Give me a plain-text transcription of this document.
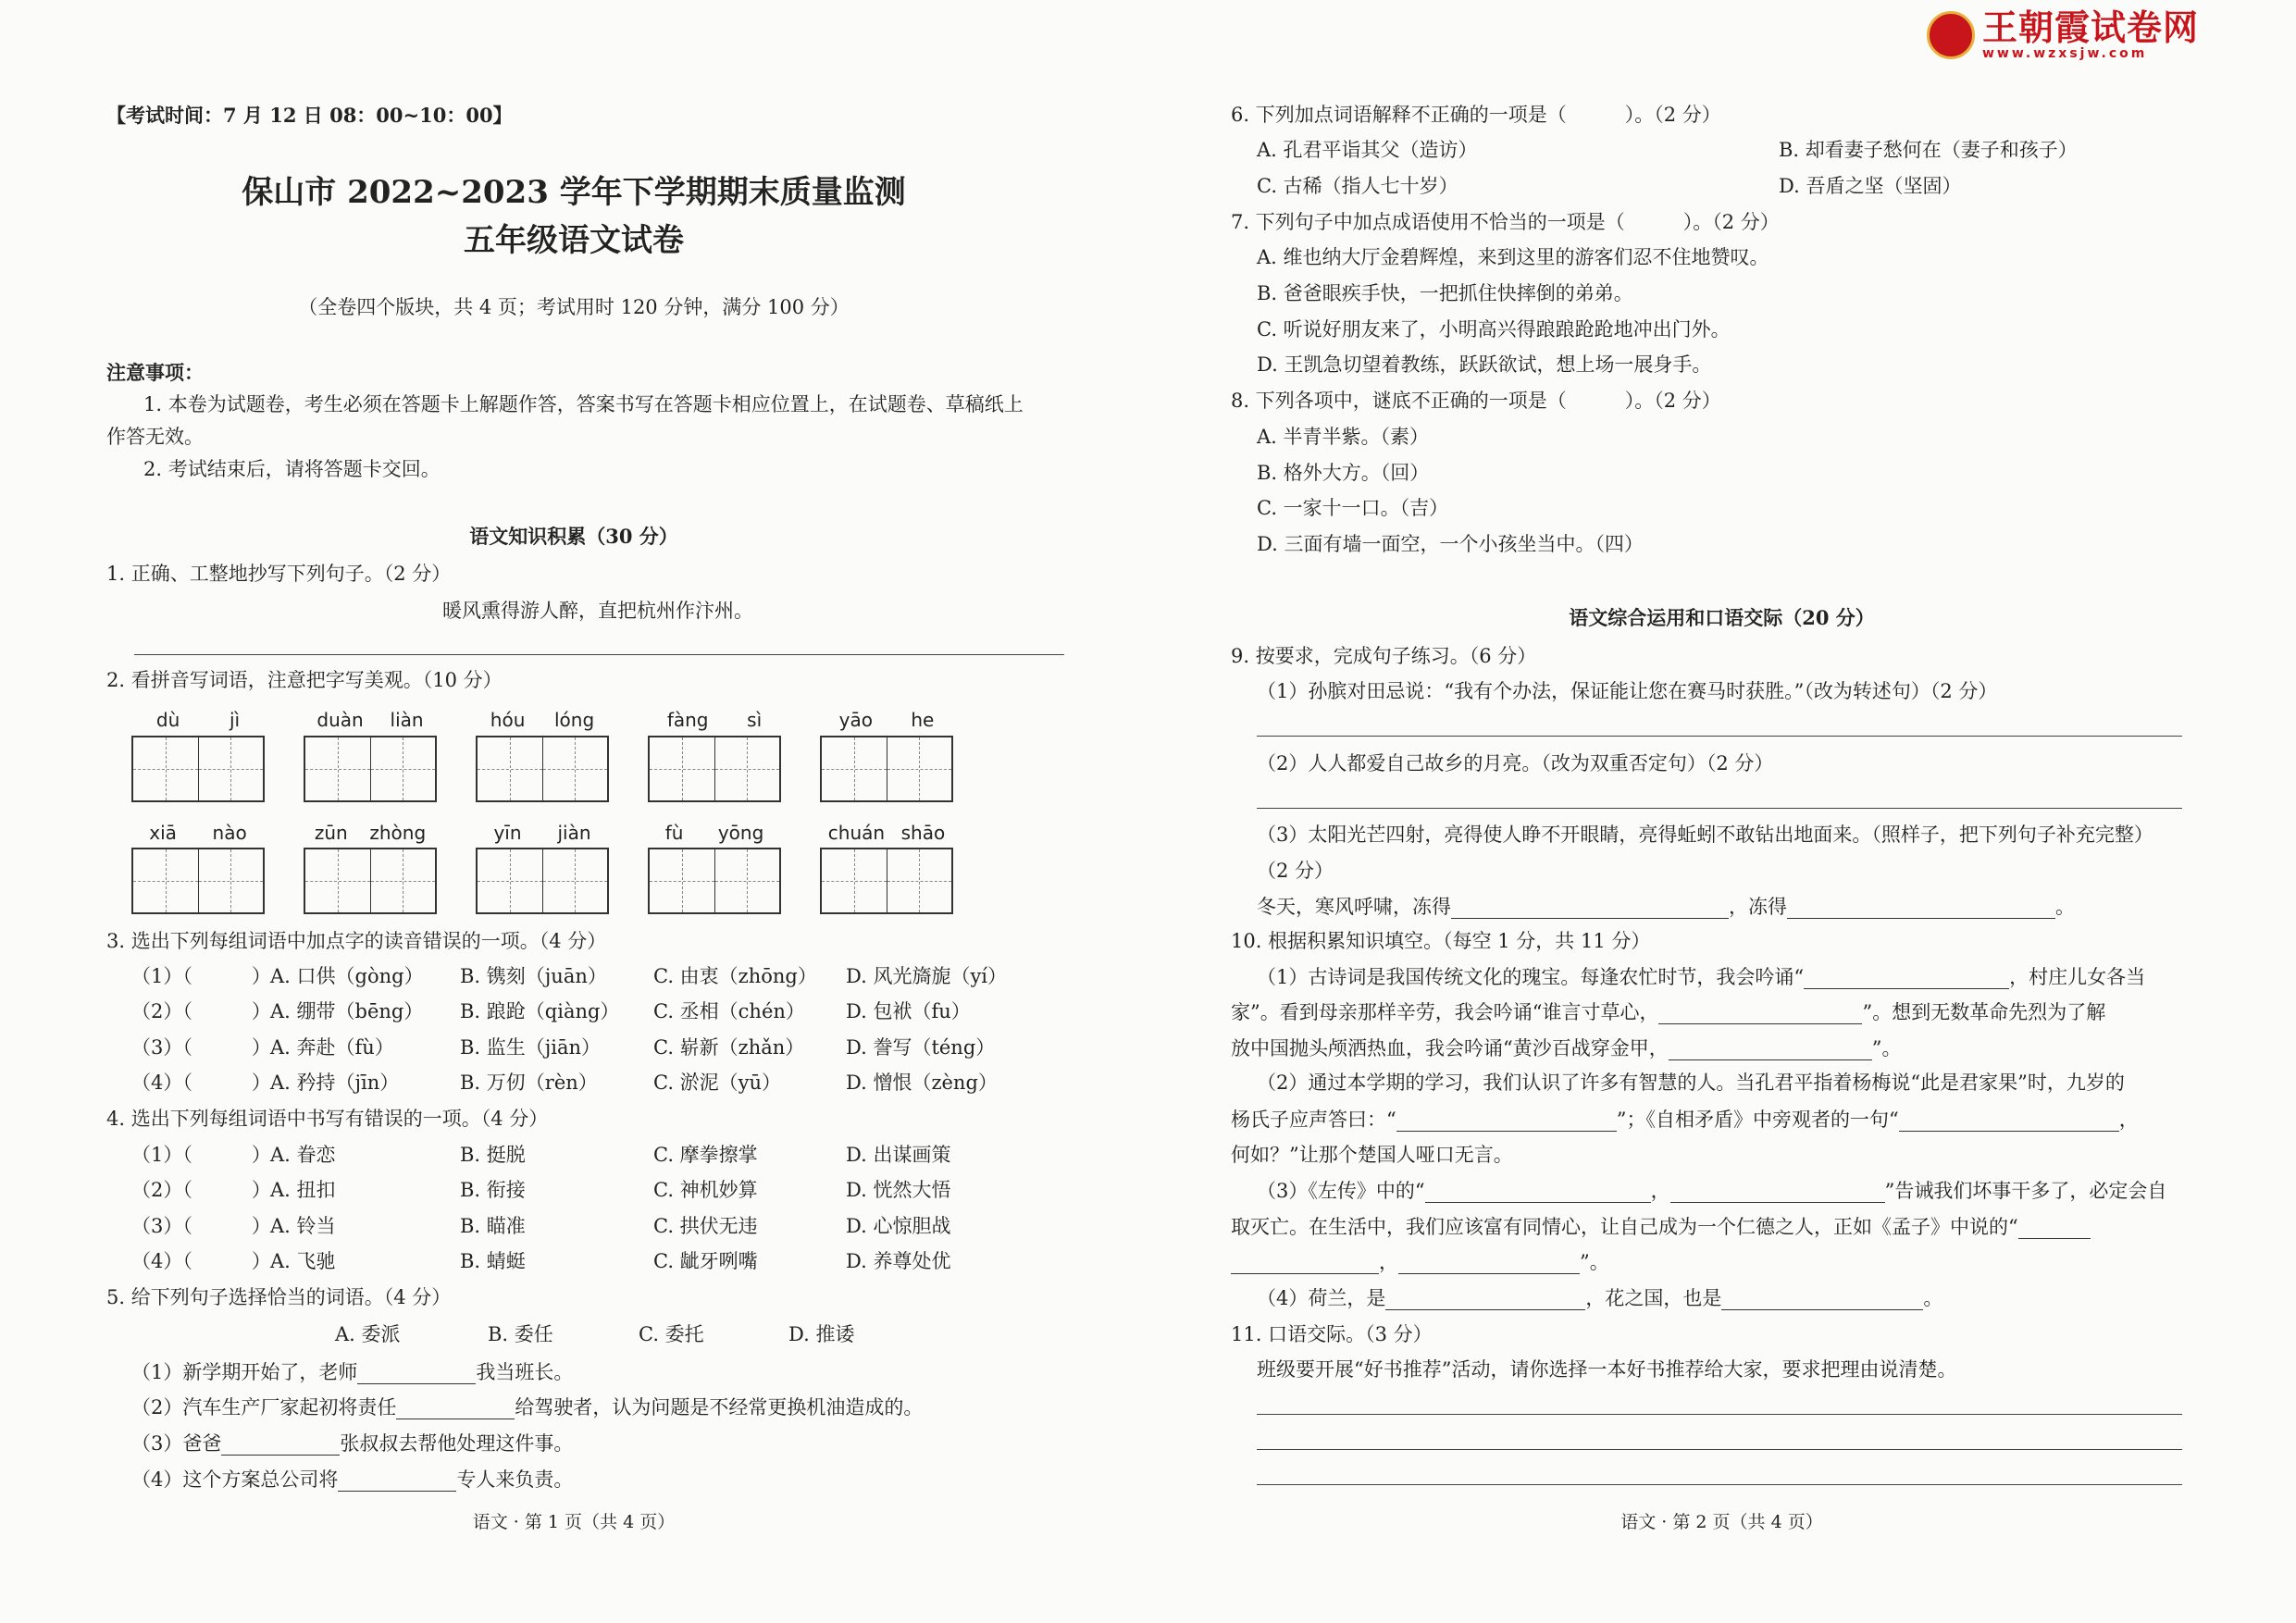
【考试时间：7 月 12 日 08：00~10：00】
保山市 2022~2023 学年下学期期末质量监测
五年级语文试卷
（全卷四个版块，共 4 页；考试用时 120 分钟，满分 100 分）
注意事项：
1. 本卷为试题卷，考生必须在答题卡上解题作答，答案书写在答题卡相应位置上，在试题卷、草稿纸上
作答无效。
2. 考试结束后，请将答题卡交回。
语文知识积累（30 分）
1. 正确、工整地抄写下列句子。（2 分）
暖风熏得游人醉，直把杭州作汴州。
2. 看拼音写词语，注意把字写美观。（10 分）
dù	jì	duàn liàn	hóu lóng	fàng sì	yāo he
xiā nào	zūn zhòng	yīn jiàn	fù yōng	chuán shāo
3. 选出下列每组词语中加点字的读音错误的一项。（4 分）
（1）（	） A. 口供（gòng） B. 镌刻（juān） C. 由衷（zhōng） D. 风光旖旎（yí）
（2）（	） A. 绷带（bēng） B. 踉跄（qiàng） C. 丞相（chén） D. 包袱（fu）
（3）（	） A. 奔赴（fù）	B. 监生（jiān）	C. 崭新（zhǎn） D. 誊写（téng）
（4）（	） A. 矜持（jīn）	B. 万仞（rèn）	C. 淤泥（yū）	D. 憎恨（zèng）
4. 选出下列每组词语中书写有错误的一项。（4 分）
（1）（	） A. 眷恋	B. 挺脱	C. 摩拳擦掌	D. 出谋画策
（2）（	） A. 扭扣	B. 衔接	C. 神机妙算	D. 恍然大悟
（3）（	） A. 铃当	B. 瞄准	C. 拱伏无违	D. 心惊胆战
（4）（	） A. 飞驰	B. 蜻蜓	C. 龇牙咧嘴	D. 养尊处优
5. 给下列句子选择恰当的词语。（4 分）
A. 委派	B. 委任	C. 委托	D. 推诿
（1）新学期开始了，老师	我当班长。
（2）汽车生产厂家起初将责任	给驾驶者，认为问题是不经常更换机油造成的。
（3）爸爸	张叔叔去帮他处理这件事。
（4）这个方案总公司将	专人来负责。
语文 · 第 1 页（共 4 页）
王朝霞试卷网
www.wzxsjw.com
6. 下列加点词语解释不正确的一项是（　　　）。（2 分）
A. 孔君平诣其父（造访）	B. 却看妻子愁何在（妻子和孩子）
C. 古稀（指人七十岁）	D. 吾盾之坚（坚固）
7. 下列句子中加点成语使用不恰当的一项是（　　　）。（2 分）
A. 维也纳大厅金碧辉煌，来到这里的游客们忍不住地赞叹。
B. 爸爸眼疾手快，一把抓住快摔倒的弟弟。
C. 听说好朋友来了，小明高兴得踉踉跄跄地冲出门外。
D. 王凯急切望着教练，跃跃欲试，想上场一展身手。
8. 下列各项中，谜底不正确的一项是（　　　）。（2 分）
A. 半青半紫。（素）
B. 格外大方。（回）
C. 一家十一口。（吉）
D. 三面有墙一面空，一个小孩坐当中。（四）
语文综合运用和口语交际（20 分）
9. 按要求，完成句子练习。（6 分）
（1）孙膑对田忌说：“我有个办法，保证能让您在赛马时获胜。”（改为转述句）（2 分）
（2）人人都爱自己故乡的月亮。（改为双重否定句）（2 分）
（3）太阳光芒四射，亮得使人睁不开眼睛，亮得蚯蚓不敢钻出地面来。（照样子，把下列句子补充完整）
（2 分）
冬天，寒风呼啸，冻得	，冻得	。
10. 根据积累知识填空。（每空 1 分，共 11 分）
（1）古诗词是我国传统文化的瑰宝。每逢农忙时节，我会吟诵“	，村庄儿女各当
家”。看到母亲那样辛劳，我会吟诵“谁言寸草心，	”。想到无数革命先烈为了解
放中国抛头颅洒热血，我会吟诵“黄沙百战穿金甲，	”。
（2）通过本学期的学习，我们认识了许多有智慧的人。当孔君平指着杨梅说“此是君家果”时，九岁的
杨氏子应声答曰：“	”；《自相矛盾》中旁观者的一句“	，
何如？”让那个楚国人哑口无言。
（3）《左传》中的“	，	”告诫我们坏事干多了，必定会自
取灭亡。在生活中，我们应该富有同情心，让自己成为一个仁德之人，正如《孟子》中说的“
，	”。
（4）荷兰，是	，花之国，也是	。
11. 口语交际。（3 分）
班级要开展“好书推荐”活动，请你选择一本好书推荐给大家，要求把理由说清楚。
语文 · 第 2 页（共 4 页）
